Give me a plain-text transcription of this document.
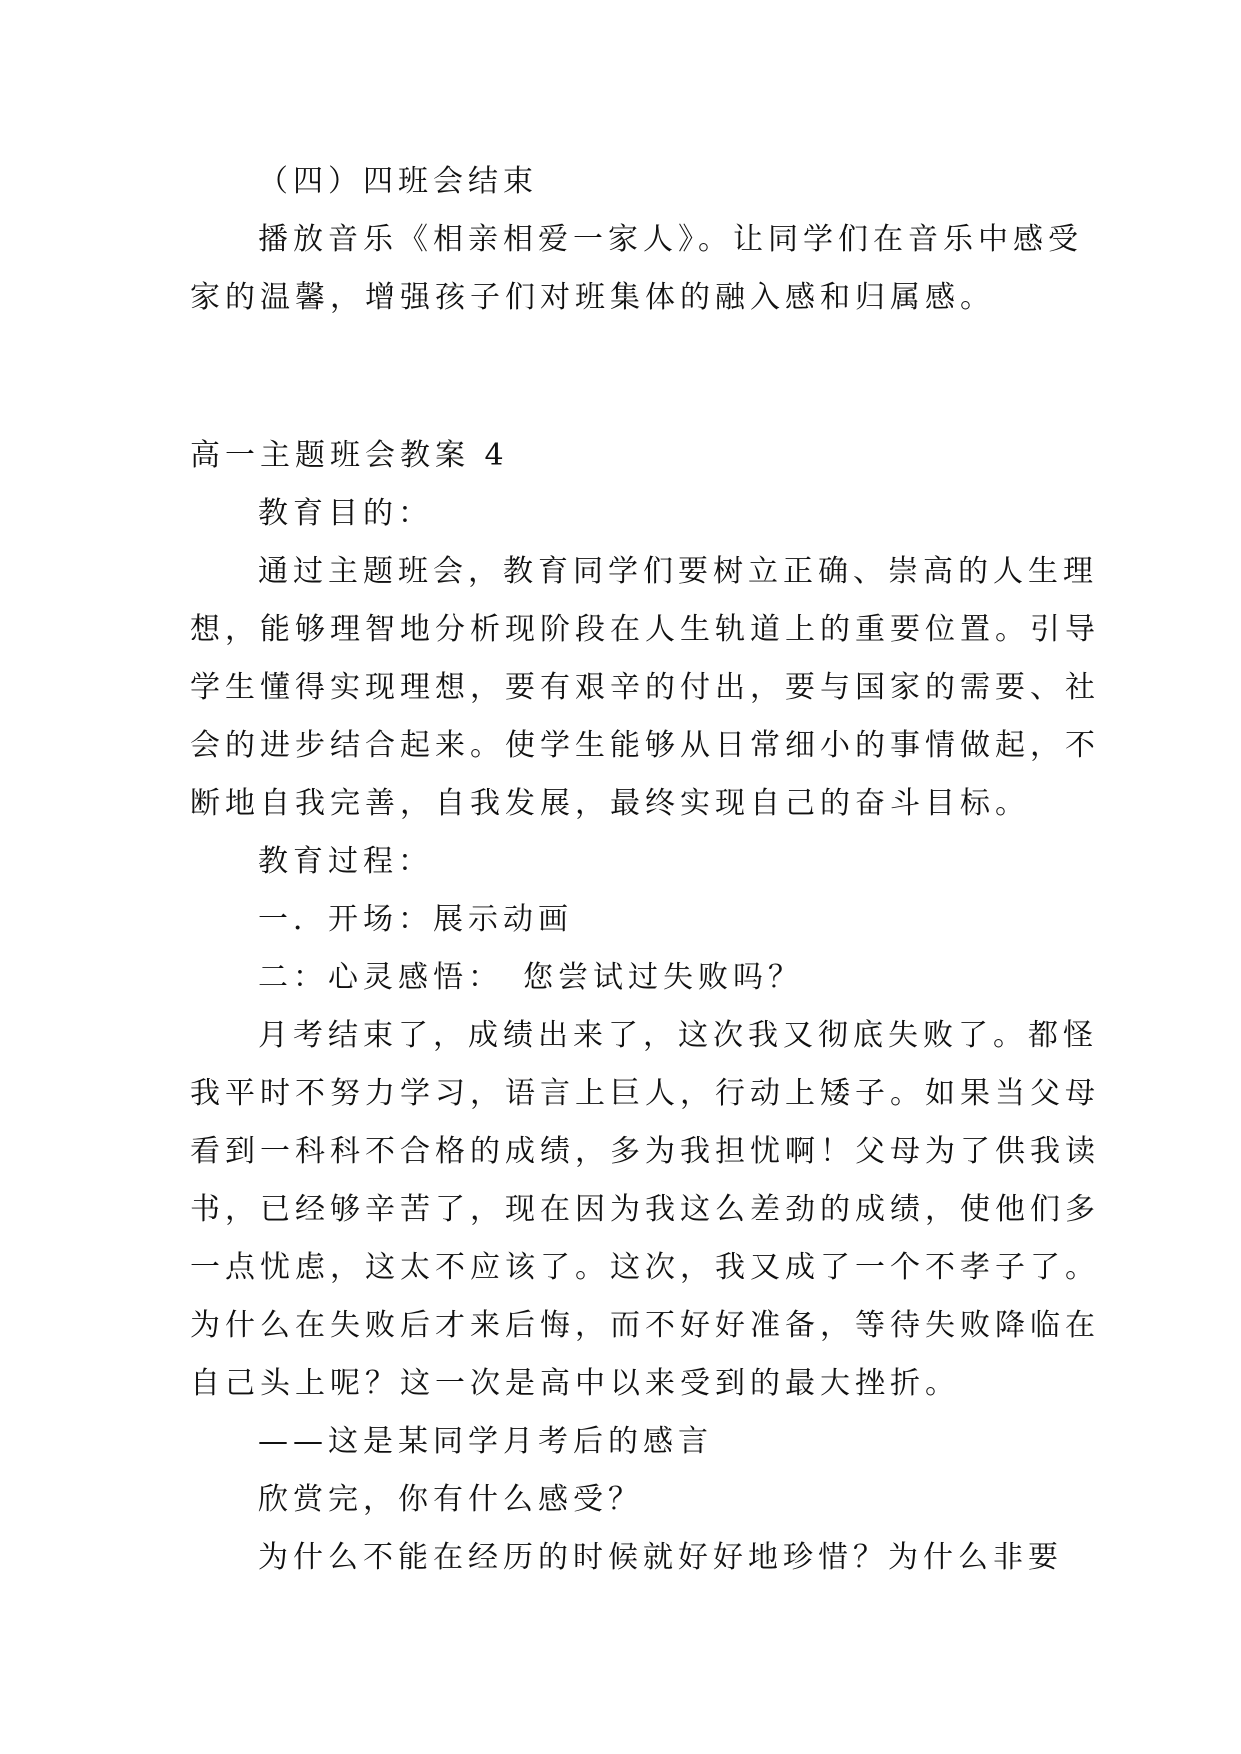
（四）四班会结束

播放音乐《相亲相爱一家人》。让同学们在音乐中感受

家的温馨，增强孩子们对班集体的融入感和归属感。

高一主题班会教案 4

教育目的：

通过主题班会，教育同学们要树立正确、崇高的人生理

想，能够理智地分析现阶段在人生轨道上的重要位置。引导

学生懂得实现理想，要有艰辛的付出，要与国家的需要、社

会的进步结合起来。使学生能够从日常细小的事情做起，不

断地自我完善，自我发展，最终实现自己的奋斗目标。

教育过程：

一．开场：展示动画

二：心灵感悟：　您尝试过失败吗？

月考结束了，成绩出来了，这次我又彻底失败了。都怪

我平时不努力学习，语言上巨人，行动上矮子。如果当父母

看到一科科不合格的成绩，多为我担忧啊！父母为了供我读

书，已经够辛苦了，现在因为我这么差劲的成绩，使他们多

一点忧虑，这太不应该了。这次，我又成了一个不孝子了。

为什么在失败后才来后悔，而不好好准备，等待失败降临在

自己头上呢？这一次是高中以来受到的最大挫折。

——这是某同学月考后的感言

欣赏完，你有什么感受？

为什么不能在经历的时候就好好地珍惜？为什么非要
